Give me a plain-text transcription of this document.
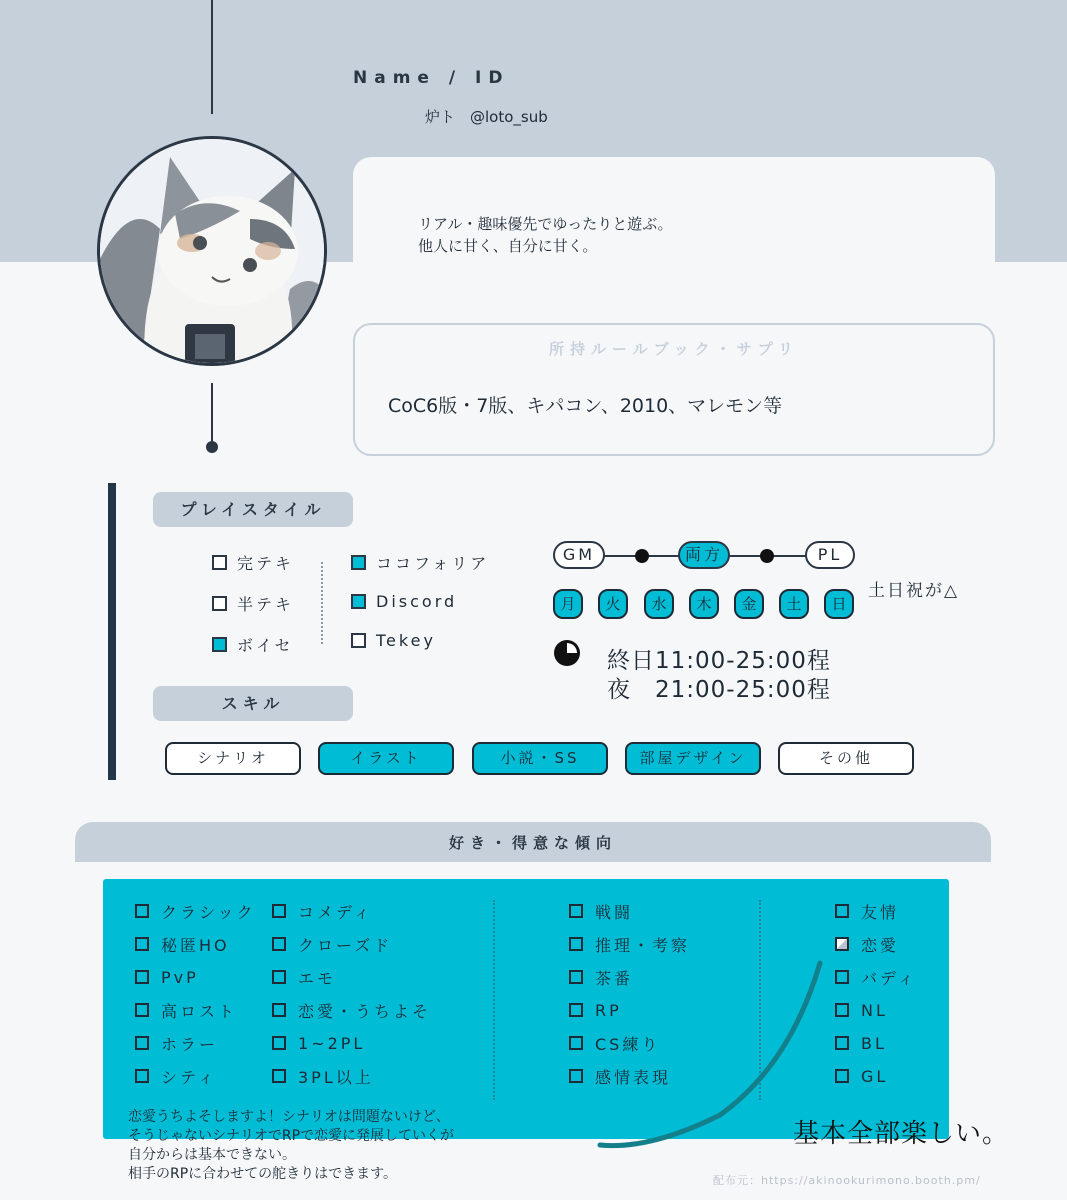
Name / ID
炉ト　@loto_sub
リアル・趣味優先でゆったりと遊ぶ。
他人に甘く、自分に甘く。
所持ルールブック・サプリ
CoC6版・7版、キパコン、2010、マレモン等
プレイスタイル
完テキ
半テキ
ボイセ
ココフォリア
Discord
Tekey
GM	両方	PL
月	火	水	木	金	土	日
土日祝が△
終日11:00-25:00程
夜　21:00-25:00程
スキル
シナリオ	イラスト	小説・SS	部屋デザイン	その他
好き・得意な傾向
クラシック
秘匿HO
PvP
高ロスト
ホラー
シティ
コメディ
クローズド
エモ
恋愛・うちよそ
1~2PL
3PL以上
戦闘
推理・考察
茶番
RP
CS練り
感情表現
友情
恋愛
バディ
NL
BL
GL
恋愛うちよそしますよ！シナリオは問題ないけど、
そうじゃないシナリオでRPで恋愛に発展していくが
自分からは基本できない。
相手のRPに合わせての舵きりはできます。
基本全部楽しい。
配布元：https://akinookurimono.booth.pm/
